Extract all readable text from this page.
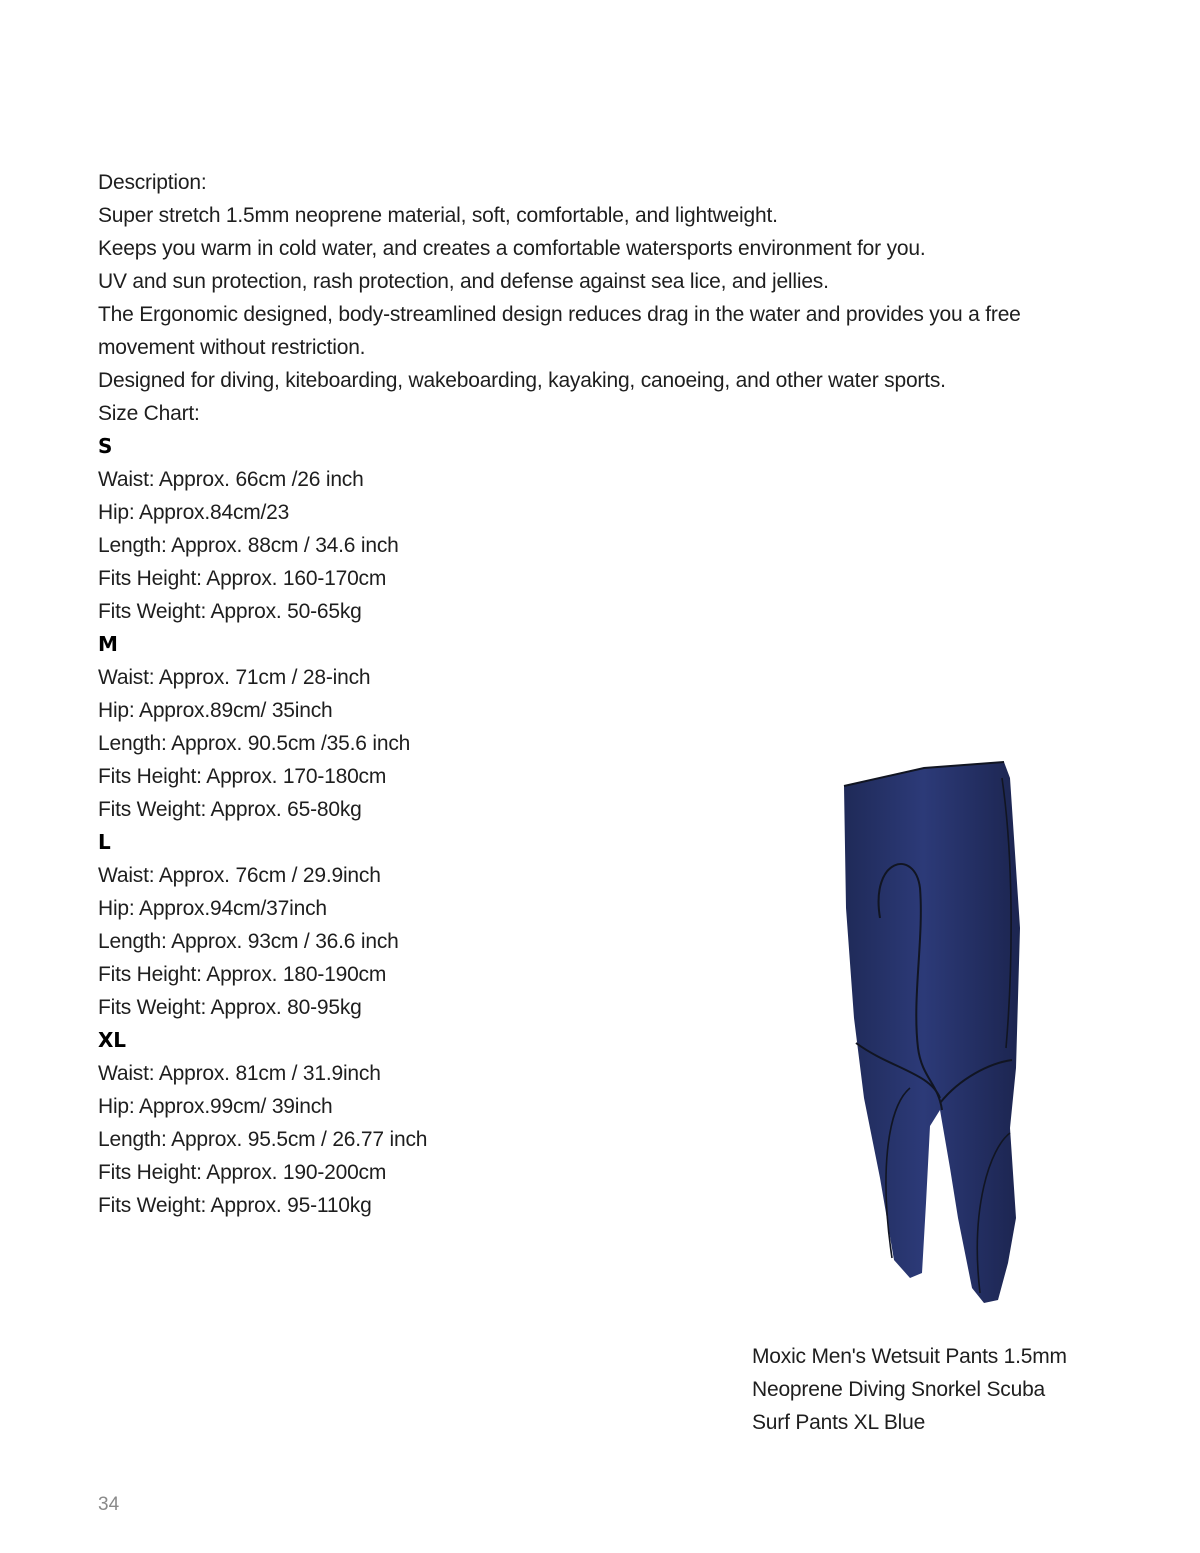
Description:
Super stretch 1.5mm neoprene material, soft, comfortable, and lightweight.
Keeps you warm in cold water, and creates a comfortable watersports environment for you.
UV and sun protection, rash protection, and defense against sea lice, and jellies.
The Ergonomic designed, body-streamlined design reduces drag in the water and provides you a free movement without restriction.
Designed for diving, kiteboarding, wakeboarding, kayaking, canoeing, and other water sports.
Size Chart:
S
Waist: Approx. 66cm /26 inch
Hip: Approx.84cm/23
Length: Approx. 88cm / 34.6 inch
Fits Height: Approx. 160-170cm
Fits Weight: Approx. 50-65kg
M
Waist: Approx. 71cm / 28-inch
Hip: Approx.89cm/ 35inch
Length: Approx. 90.5cm /35.6 inch
Fits Height: Approx. 170-180cm
Fits Weight: Approx. 65-80kg
L
Waist: Approx. 76cm / 29.9inch
Hip: Approx.94cm/37inch
Length: Approx. 93cm / 36.6 inch
Fits Height: Approx. 180-190cm
Fits Weight: Approx. 80-95kg
XL
Waist: Approx. 81cm / 31.9inch
Hip: Approx.99cm/ 39inch
Length: Approx. 95.5cm / 26.77 inch
Fits Height: Approx. 190-200cm
Fits Weight: Approx. 95-110kg
Moxic Men's Wetsuit Pants 1.5mm
Neoprene Diving Snorkel Scuba
Surf Pants XL Blue
34
